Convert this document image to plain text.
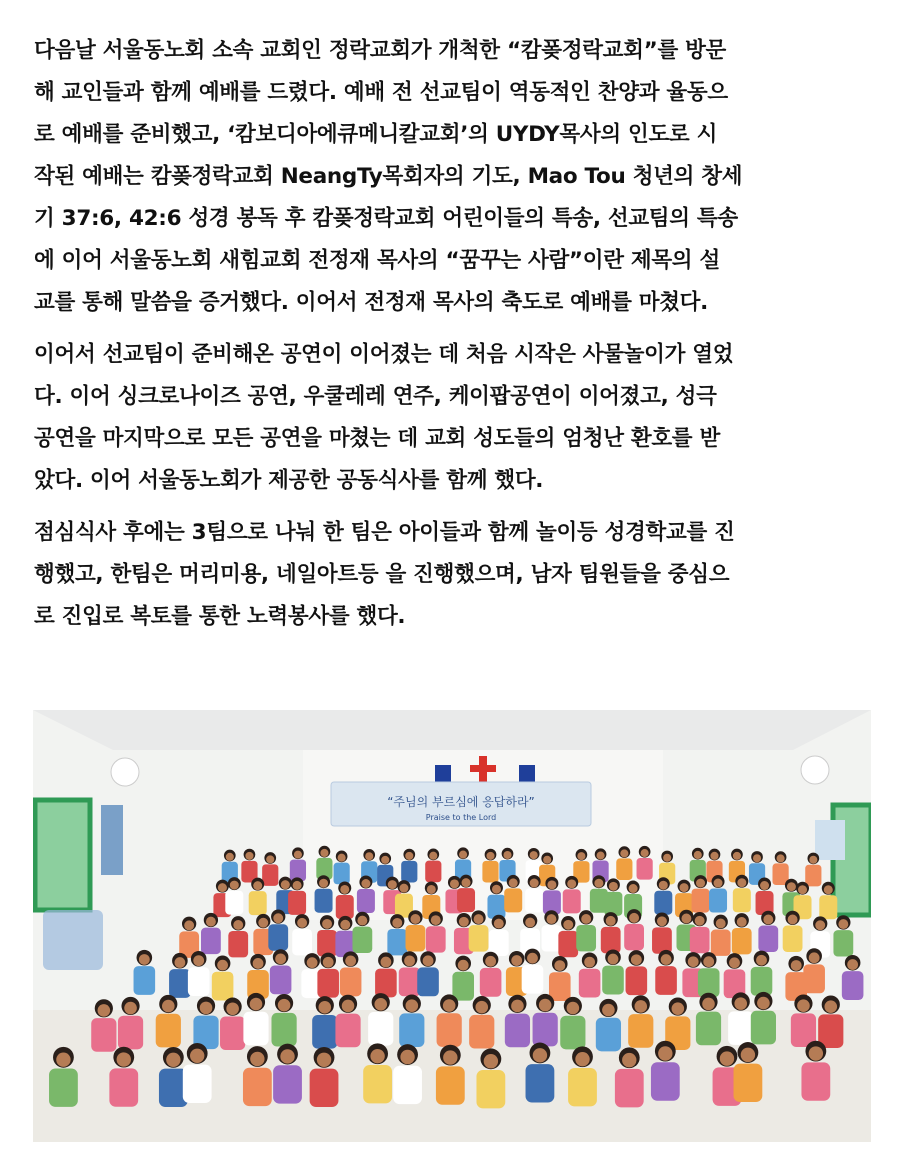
다음날 서울동노회 소속 교회인 정락교회가 개척한 “캄퐂정락교회”를 방문
해 교인들과 함께 예배를 드렸다. 예배 전 선교팀이 역동적인 찬양과 율동으
로 예배를 준비했고, ‘캄보디아에큐메니칼교회’의 UYDY목사의 인도로 시
작된 예배는 캄퐂정락교회 NeangTy목회자의 기도, Mao Tou 청년의 창세
기 37:6, 42:6 성경 봉독 후 캄퐂정락교회 어린이들의 특송, 선교팀의 특송
에 이어 서울동노회 새힘교회 전정재 목사의 “꿈꾸는 사람”이란 제목의 설
교를 통해 말씀을 증거했다. 이어서 전정재 목사의 축도로 예배를 마쳤다.

이어서 선교팀이 준비해온 공연이 이어졌는 데 처음 시작은 사물놀이가 열었
다. 이어 싱크로나이즈 공연, 우쿨레레 연주, 케이팝공연이 이어졌고, 성극
공연을 마지막으로 모든 공연을 마쳤는 데 교회 성도들의 엄청난 환호를 받
았다. 이어 서울동노회가 제공한 공동식사를 함께 했다.

점심식사 후에는 3팀으로 나눠 한 팀은 아이들과 함께 놀이등 성경학교를 진
행했고, 한팀은 머리미용, 네일아트등 을 진행했으며, 남자 팀원들을 중심으
로 진입로 복토를 통한 노력봉사를 했다.

“주님의 부르심에 응답하라”
Praise to the Lord
